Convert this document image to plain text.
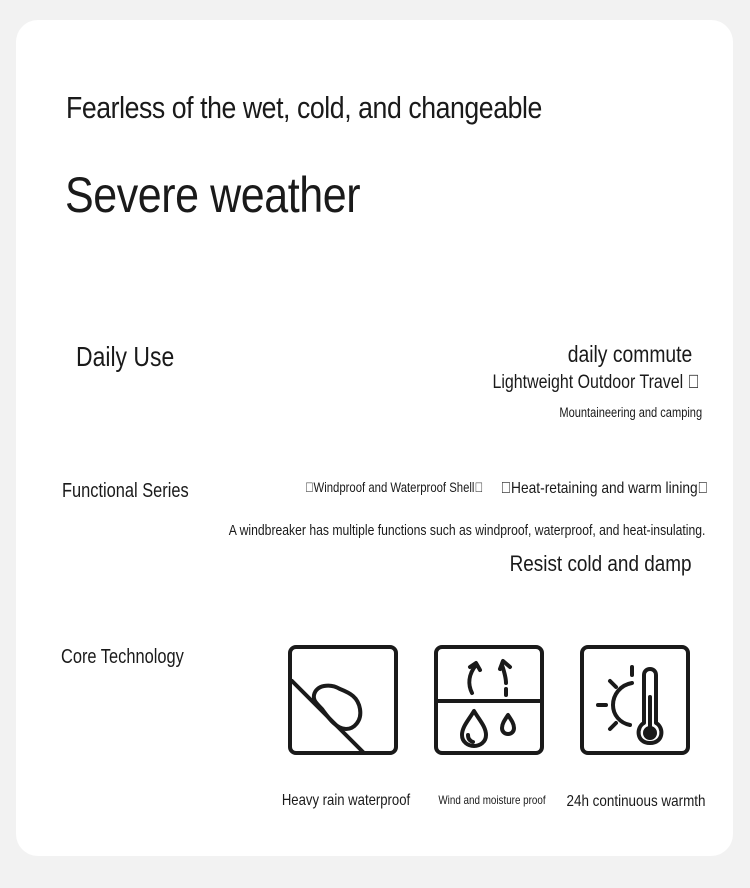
Fearless of the wet, cold, and changeable
Severe weather
Daily Use	daily commute
Lightweight Outdoor Travel  
Mountaineering and camping
Functional Series	 Windproof and Waterproof Shell   Heat-retaining and warm lining 
A windbreaker has multiple functions such as windproof, waterproof, and heat-insulating.
Resist cold and damp
Core Technology
Heavy rain waterproof	Wind and moisture proof	24h continuous warmth
